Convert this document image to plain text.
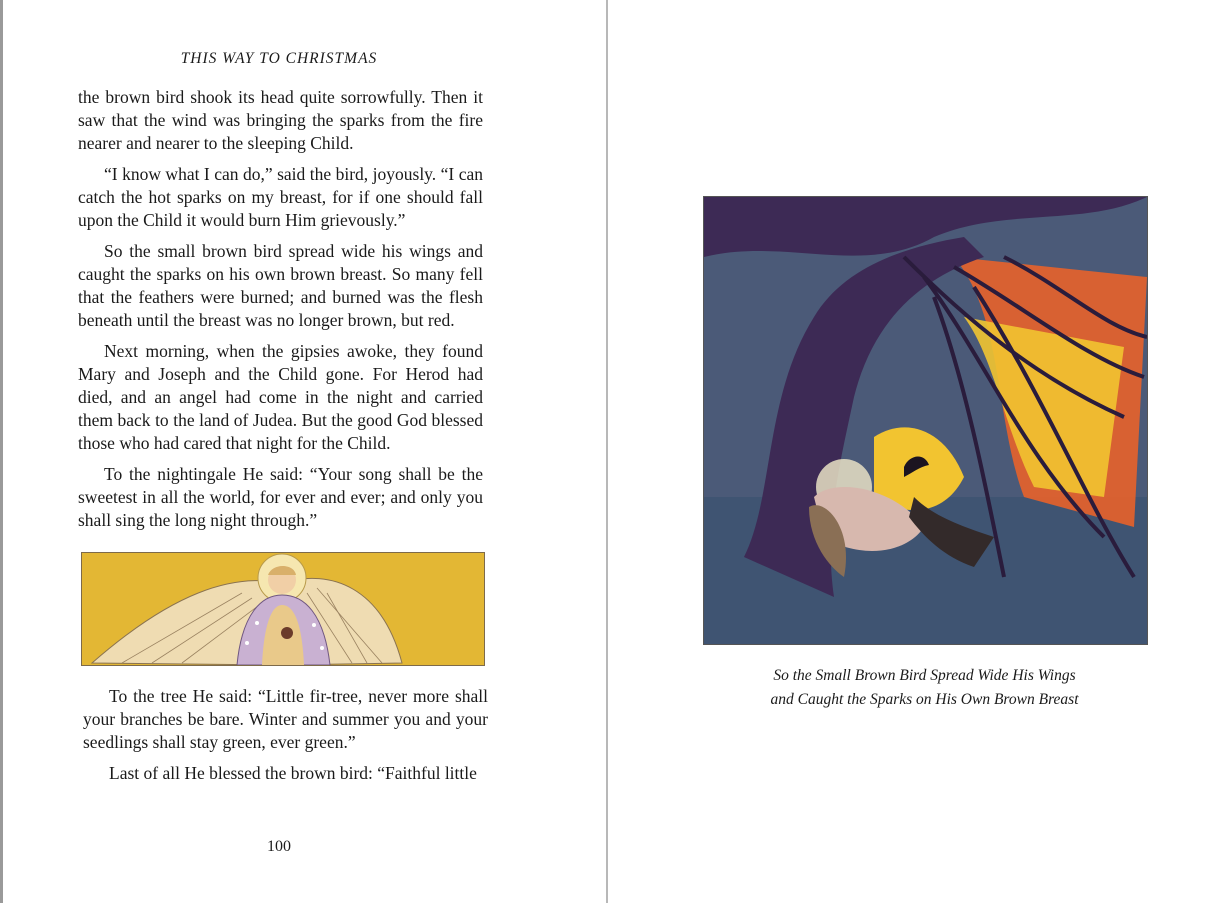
THIS WAY TO CHRISTMAS

the brown bird shook its head quite sorrowfully. Then it saw that the wind was bringing the sparks from the fire nearer and nearer to the sleeping Child.

“I know what I can do,” said the bird, joyously. “I can catch the hot sparks on my breast, for if one should fall upon the Child it would burn Him grievously.”

So the small brown bird spread wide his wings and caught the sparks on his own brown breast. So many fell that the feathers were burned; and burned was the flesh beneath until the breast was no longer brown, but red.

Next morning, when the gipsies awoke, they found Mary and Joseph and the Child gone. For Herod had died, and an angel had come in the night and carried them back to the land of Judea. But the good God blessed those who had cared that night for the Child.

To the nightingale He said: “Your song shall be the sweetest in all the world, for ever and ever; and only you shall sing the long night through.”

To the tree He said: “Little fir-tree, never more shall your branches be bare. Winter and summer you and your seedlings shall stay green, ever green.”

Last of all He blessed the brown bird: “Faithful little

100
So the Small Brown Bird Spread Wide His Wings
and Caught the Sparks on His Own Brown Breast
